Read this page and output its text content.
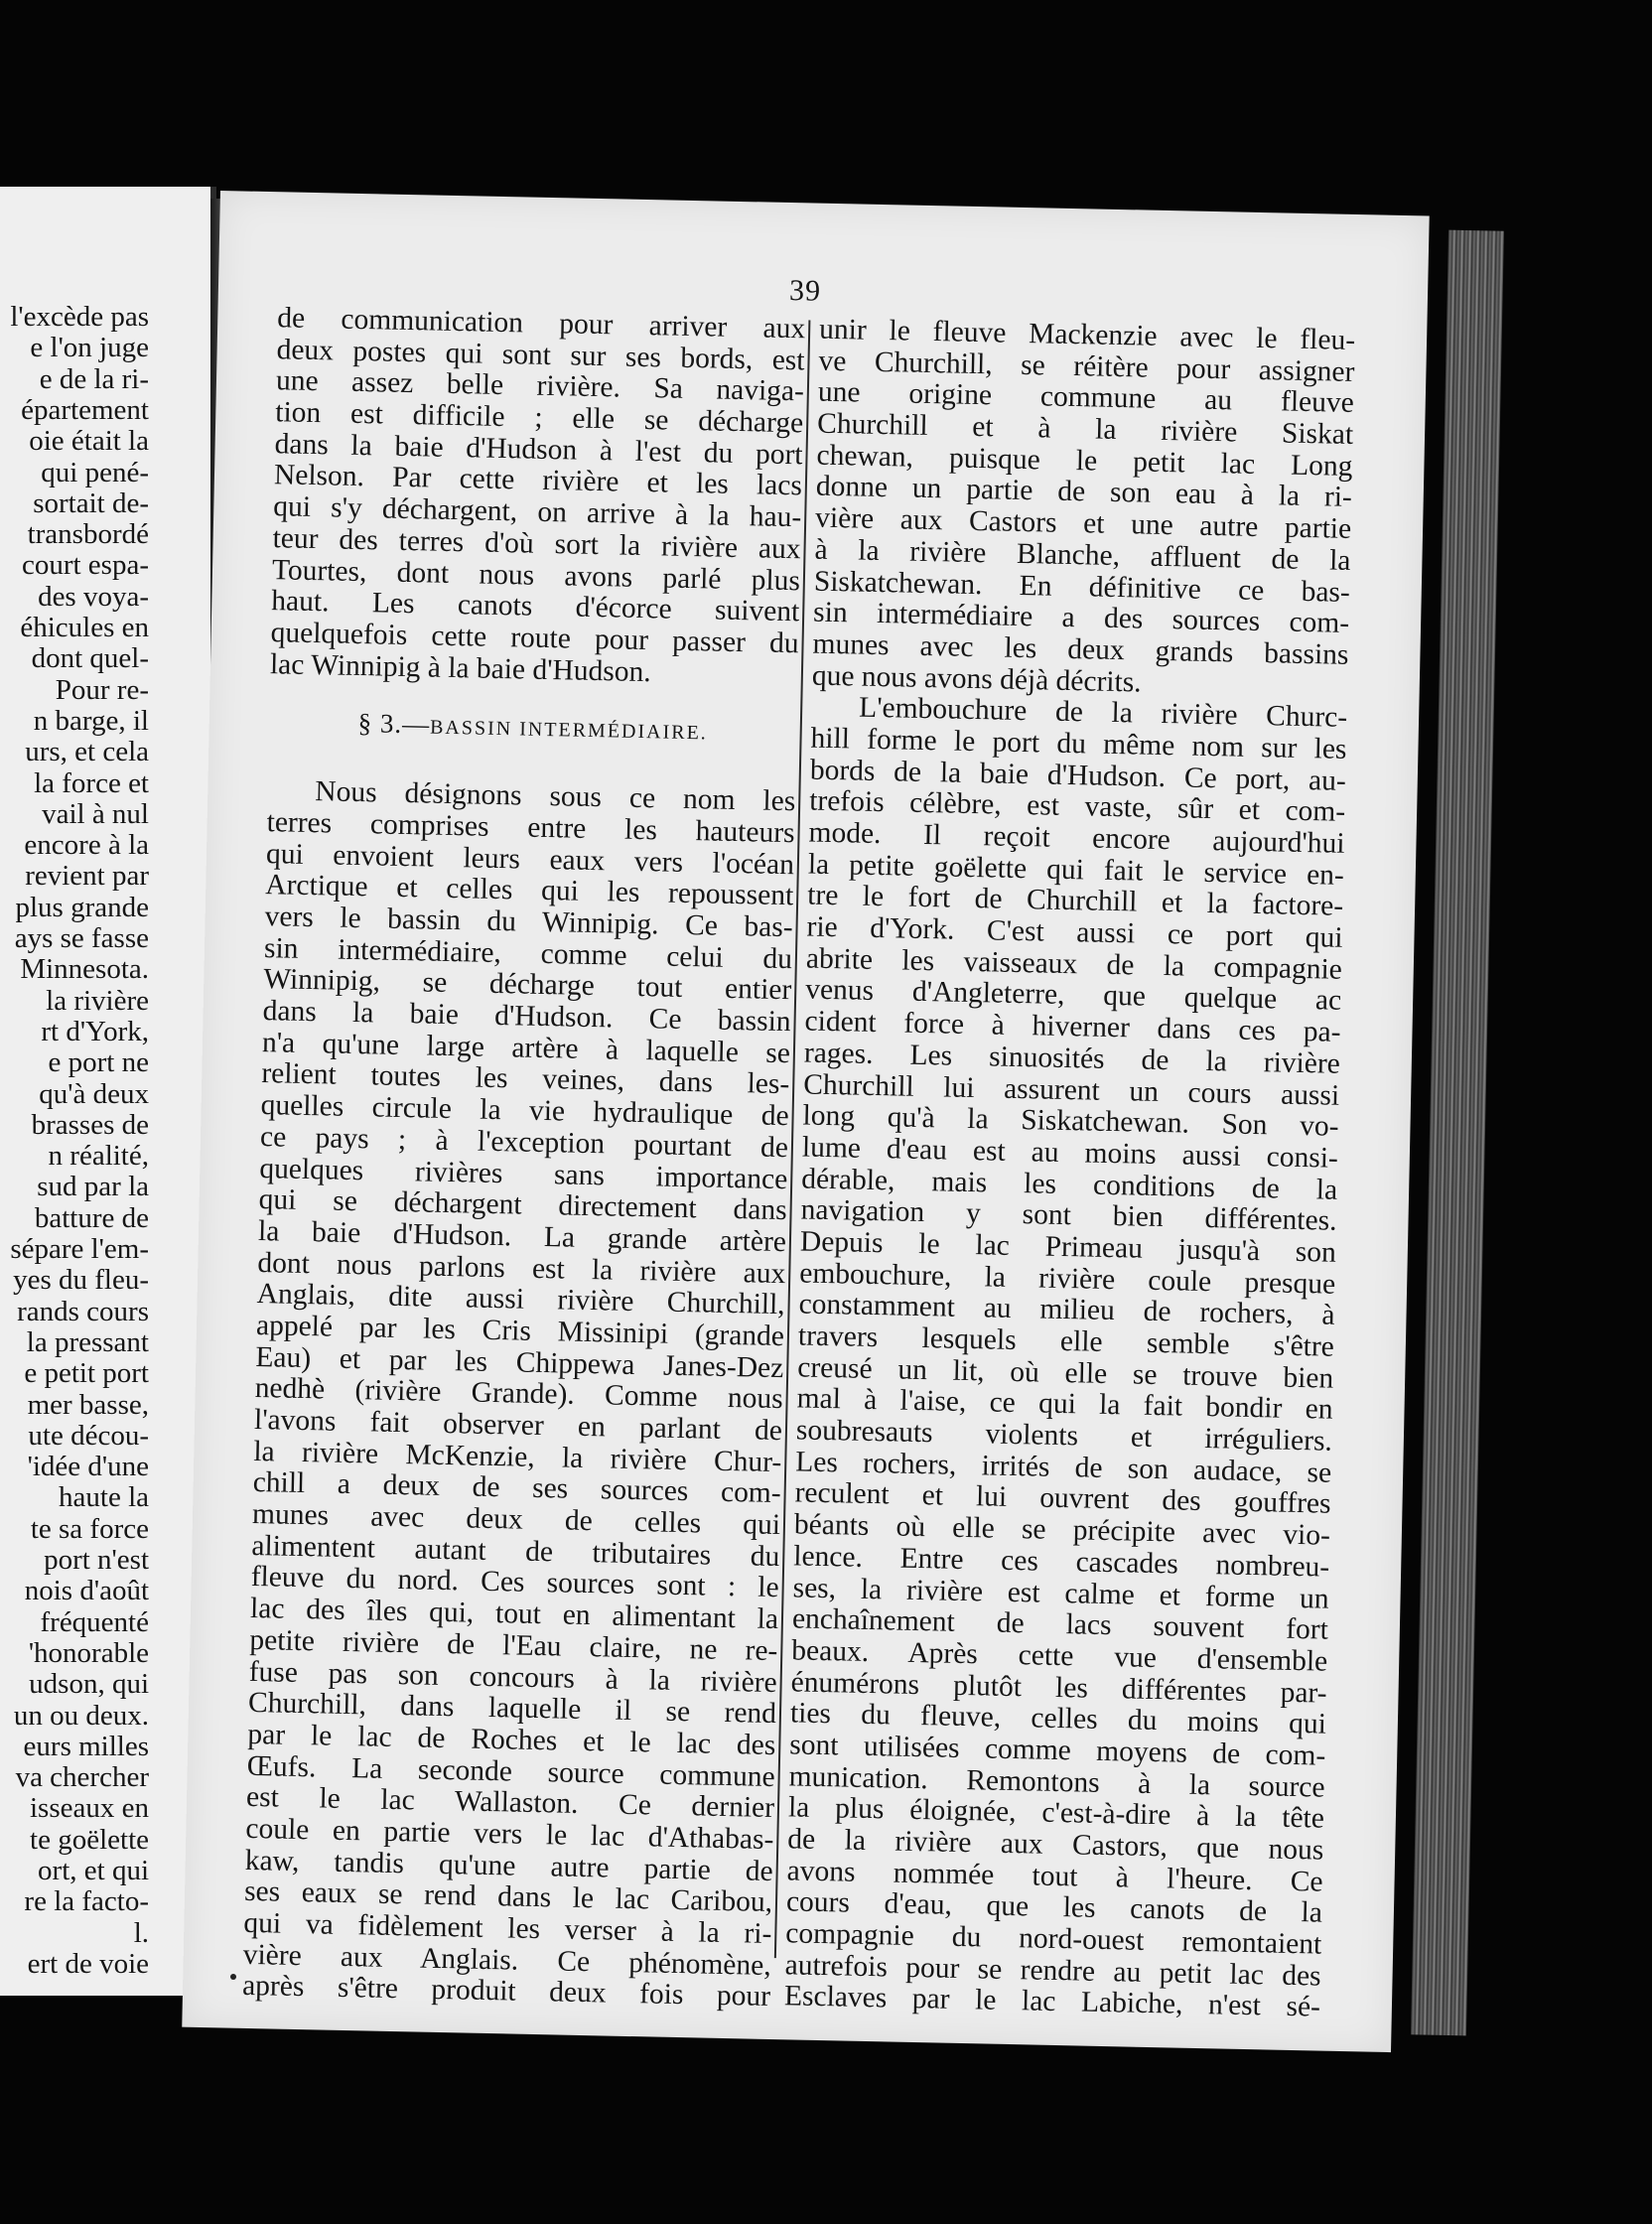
l'excède pas
e l'on juge
e de la ri-
épartement
oie était la
qui pené-
sortait de-
transbordé
court espa-
des voya-
éhicules en
dont quel-
Pour re-
n barge, il
urs, et cela
la force et
vail à nul
encore à la
revient par
plus grande
ays se fasse
Minnesota.
la rivière
rt d'York,
e port ne
qu'à deux
brasses de
n réalité,
sud par la
batture de
sépare l'em-
yes du fleu-
rands cours
la pressant
e petit port
mer basse,
ute décou-
'idée d'une
haute la
te sa force
port n'est
nois d'août
fréquenté
'honorable
udson, qui
un ou deux.
eurs milles
va chercher
isseaux en
te goëlette
ort, et qui
re la facto-
l.
ert de voie
39
de communication pour arriver aux
deux postes qui sont sur ses bords, est
une assez belle rivière. Sa naviga-
tion est difficile ; elle se décharge
dans la baie d'Hudson à l'est du port
Nelson. Par cette rivière et les lacs
qui s'y déchargent, on arrive à la hau-
teur des terres d'où sort la rivière aux
Tourtes, dont nous avons parlé plus
haut. Les canots d'écorce suivent
quelquefois cette route pour passer du
lac Winnipig à la baie d'Hudson.
§ 3.—BASSIN INTERMÉDIAIRE.
Nous désignons sous ce nom les
terres comprises entre les hauteurs
qui envoient leurs eaux vers l'océan
Arctique et celles qui les repoussent
vers le bassin du Winnipig. Ce bas-
sin intermédiaire, comme celui du
Winnipig, se décharge tout entier
dans la baie d'Hudson. Ce bassin
n'a qu'une large artère à laquelle se
relient toutes les veines, dans les-
quelles circule la vie hydraulique de
ce pays ; à l'exception pourtant de
quelques rivières sans importance
qui se déchargent directement dans
la baie d'Hudson. La grande artère
dont nous parlons est la rivière aux
Anglais, dite aussi rivière Churchill,
appelé par les Cris Missinipi (grande
Eau) et par les Chippewa Janes-Dez
nedhè (rivière Grande). Comme nous
l'avons fait observer en parlant de
la rivière McKenzie, la rivière Chur-
chill a deux de ses sources com-
munes avec deux de celles qui
alimentent autant de tributaires du
fleuve du nord. Ces sources sont : le
lac des îles qui, tout en alimentant la
petite rivière de l'Eau claire, ne re-
fuse pas son concours à la rivière
Churchill, dans laquelle il se rend
par le lac de Roches et le lac des
Œufs. La seconde source commune
est le lac Wallaston. Ce dernier
coule en partie vers le lac d'Athabas-
kaw, tandis qu'une autre partie de
ses eaux se rend dans le lac Caribou,
qui va fidèlement les verser à la ri-
vière aux Anglais. Ce phénomène,
après s'être produit deux fois pour
unir le fleuve Mackenzie avec le fleu-
ve Churchill, se réitère pour assigner
une origine commune au fleuve
Churchill et à la rivière Siskat
chewan, puisque le petit lac Long
donne un partie de son eau à la ri-
vière aux Castors et une autre partie
à la rivière Blanche, affluent de la
Siskatchewan. En définitive ce bas-
sin intermédiaire a des sources com-
munes avec les deux grands bassins
que nous avons déjà décrits.
L'embouchure de la rivière Churc-
hill forme le port du même nom sur les
bords de la baie d'Hudson. Ce port, au-
trefois célèbre, est vaste, sûr et com-
mode. Il reçoit encore aujourd'hui
la petite goëlette qui fait le service en-
tre le fort de Churchill et la factore-
rie d'York. C'est aussi ce port qui
abrite les vaisseaux de la compagnie
venus d'Angleterre, que quelque ac
cident force à hiverner dans ces pa-
rages. Les sinuosités de la rivière
Churchill lui assurent un cours aussi
long qu'à la Siskatchewan. Son vo-
lume d'eau est au moins aussi consi-
dérable, mais les conditions de la
navigation y sont bien différentes.
Depuis le lac Primeau jusqu'à son
embouchure, la rivière coule presque
constamment au milieu de rochers, à
travers lesquels elle semble s'être
creusé un lit, où elle se trouve bien
mal à l'aise, ce qui la fait bondir en
soubresauts violents et irréguliers.
Les rochers, irrités de son audace, se
reculent et lui ouvrent des gouffres
béants où elle se précipite avec vio-
lence. Entre ces cascades nombreu-
ses, la rivière est calme et forme un
enchaînement de lacs souvent fort
beaux. Après cette vue d'ensemble
énumérons plutôt les différentes par-
ties du fleuve, celles du moins qui
sont utilisées comme moyens de com-
munication. Remontons à la source
la plus éloignée, c'est-à-dire à la tête
de la rivière aux Castors, que nous
avons nommée tout à l'heure. Ce
cours d'eau, que les canots de la
compagnie du nord-ouest remontaient
autrefois pour se rendre au petit lac des
Esclaves par le lac Labiche, n'est sé-
